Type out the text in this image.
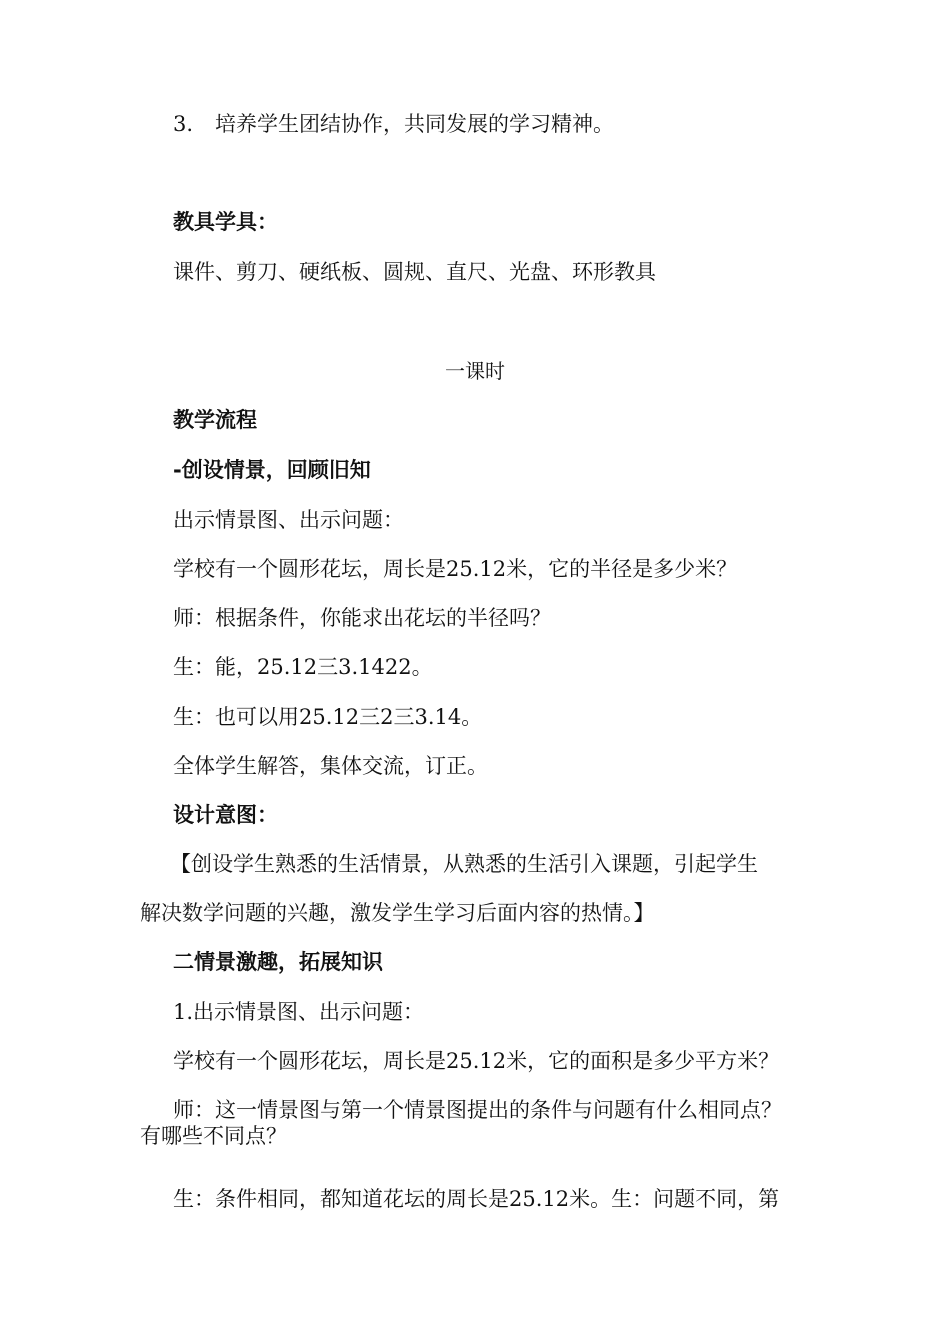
3. 培养学生团结协作，共同发展的学习精神。
教具学具：
课件、剪刀、硬纸板、圆规、直尺、光盘、环形教具
一课时
教学流程
-创设情景，回顾旧知
出示情景图、出示问题：
学校有一个圆形花坛，周长是25.12米，它的半径是多少米？
师：根据条件，你能求出花坛的半径吗？
生：能，25.12三3.1422。
生：也可以用25.12三2三3.14。
全体学生解答，集体交流，订正。
设计意图：
【创设学生熟悉的生活情景，从熟悉的生活引入课题，引起学生
解决数学问题的兴趣，激发学生学习后面内容的热情。】
二情景激趣，拓展知识
1.出示情景图、出示问题：
学校有一个圆形花坛，周长是25.12米，它的面积是多少平方米？
师：这一情景图与第一个情景图提出的条件与问题有什么相同点？
有哪些不同点？
生：条件相同，都知道花坛的周长是25.12米。生：问题不同，第
